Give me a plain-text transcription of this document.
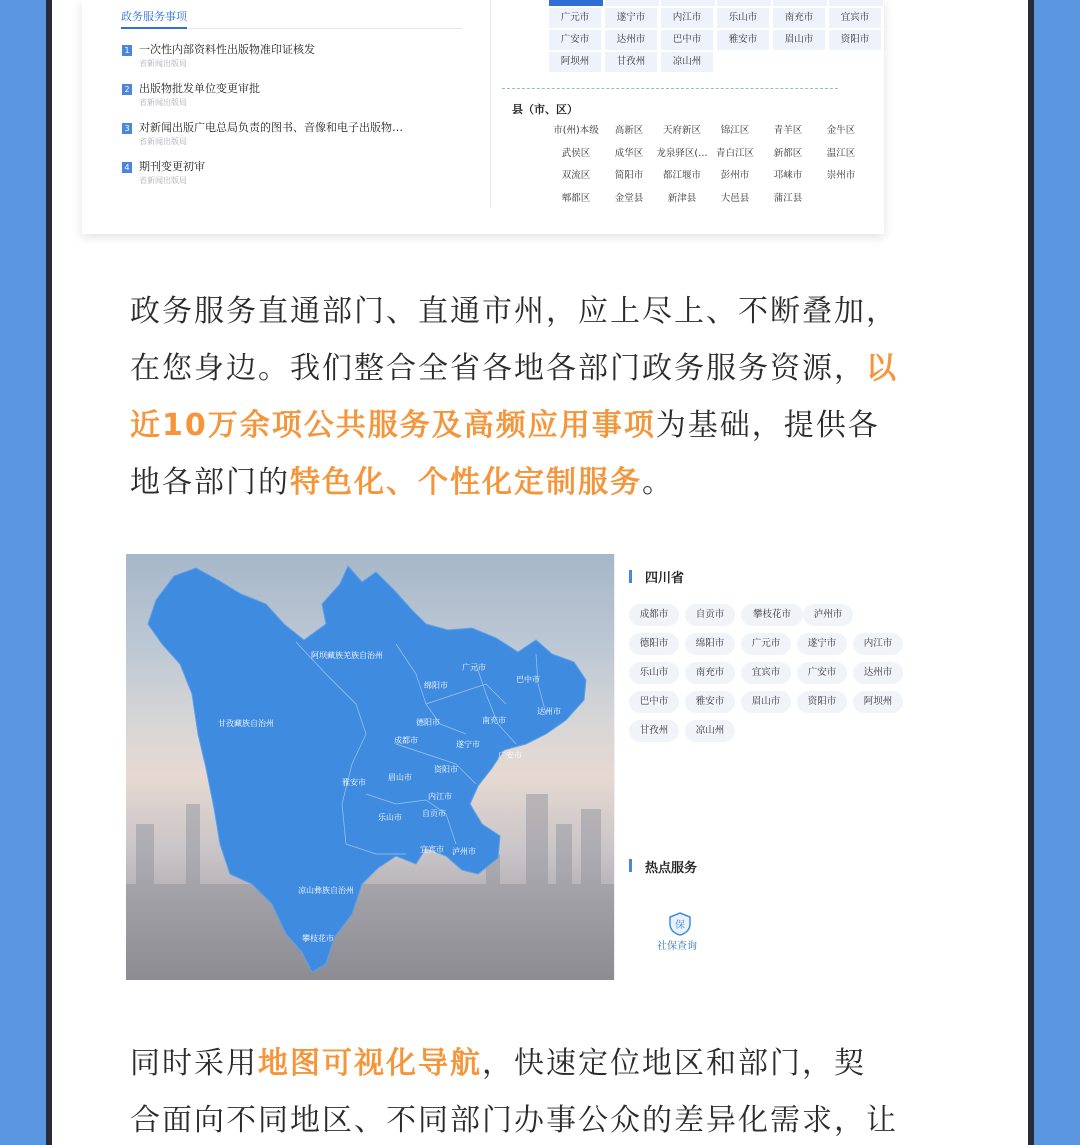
政务服务事项
1 一次性内部资料性出版物准印证核发
省新闻出版局
2 出版物批发单位变更审批
省新闻出版局
3 对新闻出版广电总局负责的图书、音像和电子出版物…
省新闻出版局
4 期刊变更初审
省新闻出版局
广元市	遂宁市	内江市	乐山市	南充市	宜宾市
广安市	达州市	巴中市	雅安市	眉山市	资阳市
阿坝州	甘孜州	凉山州
县（市、区）
市(州)本级	高新区	天府新区	锦江区	青羊区	金牛区
武侯区	成华区	龙泉驿区(… 青白江区	新都区	温江区
双流区	简阳市	都江堰市	彭州市	邛崃市	崇州市
郫都区	金堂县	新津县	大邑县	蒲江县
政务服务直通部门、直通市州，应上尽上、不断叠加，
在您身边。我们整合全省各地各部门政务服务资源，以
近10万余项公共服务及高频应用事项为基础，提供各
地各部门的特色化、个性化定制服务。
阿坝藏族羌族自治州
广元市
巴中市
绵阳市
达州市
甘孜藏族自治州	德阳市	南充市
成都市	遂宁市
广安市
资阳市
雅安市
眉山市
内江市
乐山市	自贡市
宜宾市 泸州市
凉山彝族自治州
攀枝花市
四川省
成都市	自贡市	攀枝花市	泸州市
德阳市	绵阳市	广元市	遂宁市	内江市
乐山市	南充市	宜宾市	广安市	达州市
巴中市	雅安市	眉山市	资阳市	阿坝州
甘孜州	凉山州
热点服务
保
社保查询
同时采用地图可视化导航，快速定位地区和部门，契
合面向不同地区、不同部门办事公众的差异化需求，让
